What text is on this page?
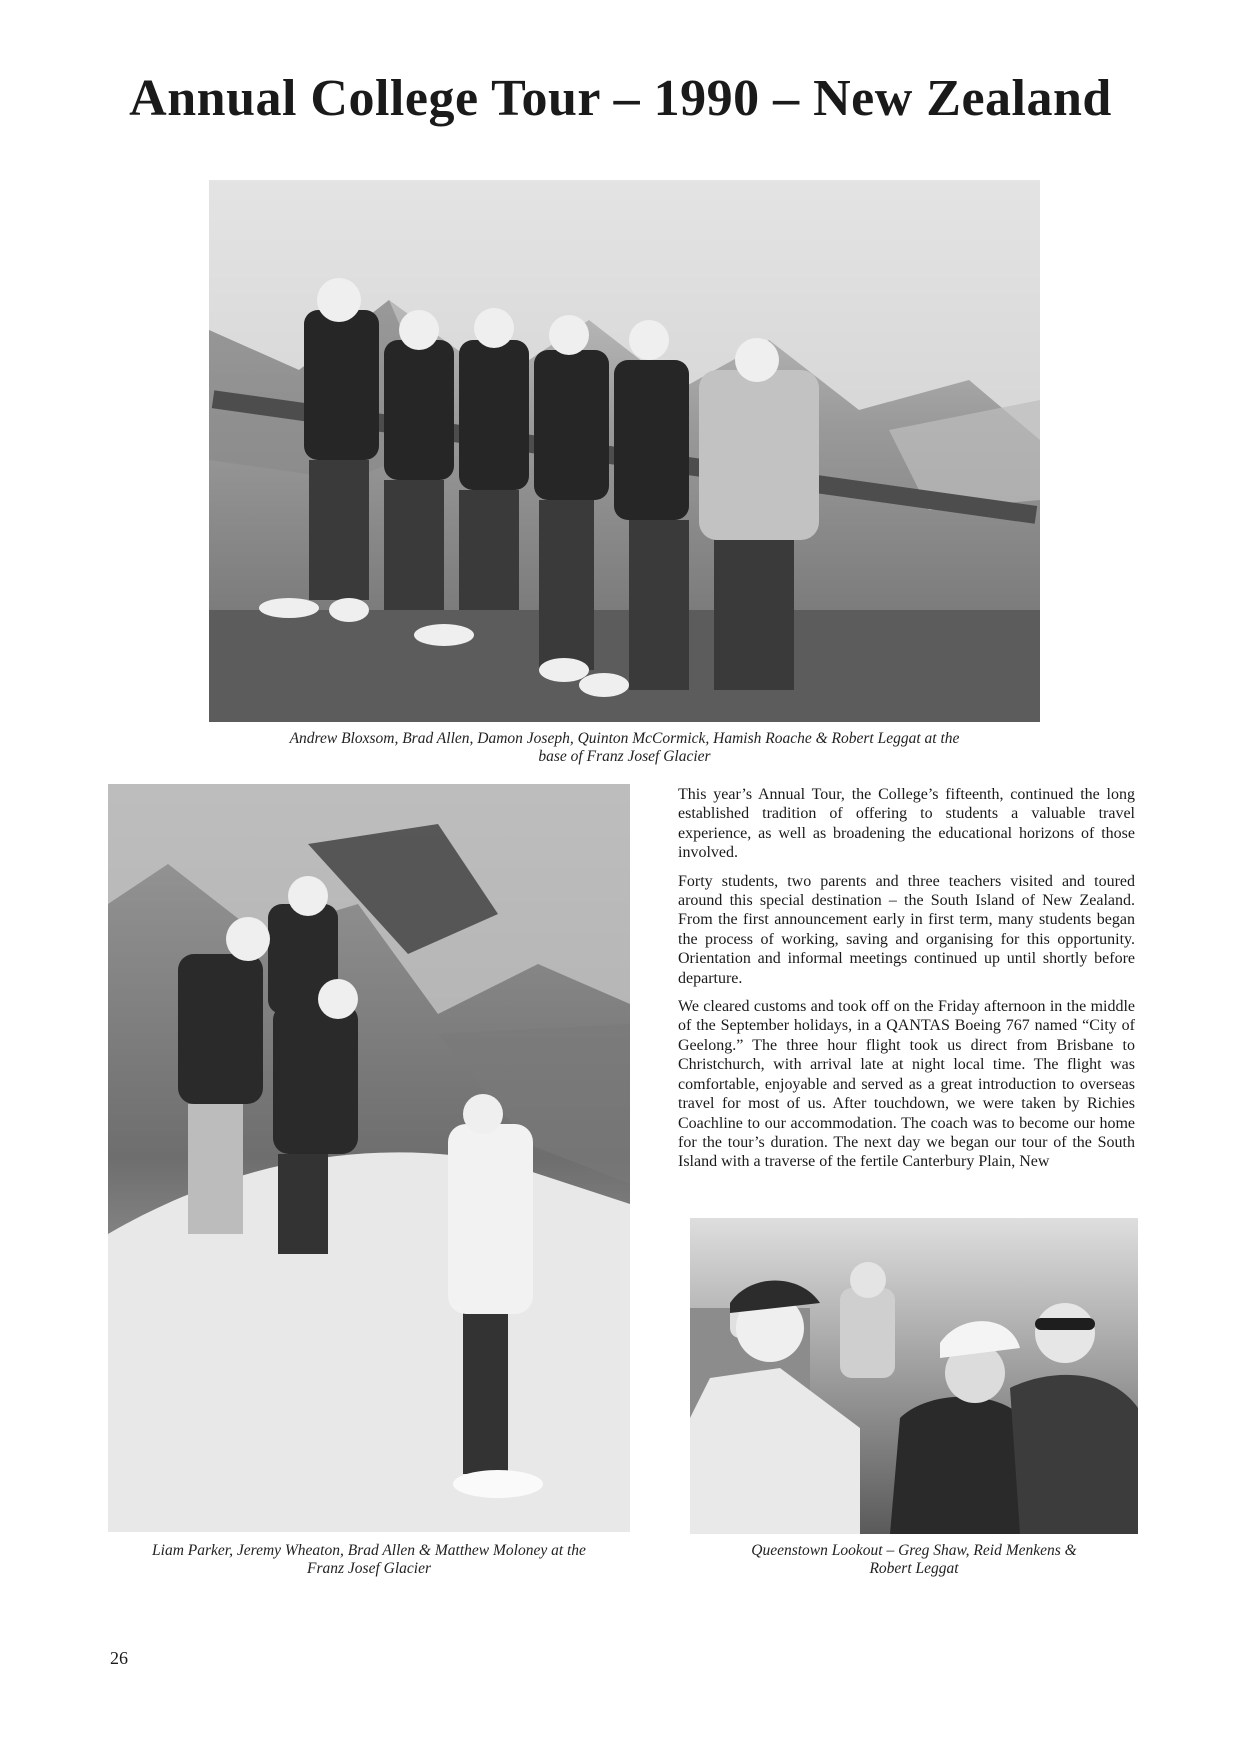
Annual College Tour – 1990 – New Zealand

Andrew Bloxsom, Brad Allen, Damon Joseph, Quinton McCormick, Hamish Roache & Robert Leggat at the
base of Franz Josef Glacier

Liam Parker, Jeremy Wheaton, Brad Allen & Matthew Moloney at the
Franz Josef Glacier

This year’s Annual Tour, the College’s fifteenth, continued the long established tradition of offering to students a valuable travel experience, as well as broadening the educational horizons of those involved.

Forty students, two parents and three teachers visited and toured around this special destination – the South Island of New Zealand. From the first announcement early in first term, many students began the process of working, saving and organising for this opportunity. Orientation and informal meetings continued up until shortly before departure.

We cleared customs and took off on the Friday afternoon in the middle of the September holidays, in a QANTAS Boeing 767 named “City of Geelong.” The three hour flight took us direct from Brisbane to Christchurch, with arrival late at night local time. The flight was comfortable, enjoyable and served as a great introduction to overseas travel for most of us. After touchdown, we were taken by Richies Coachline to our accommodation. The coach was to become our home for the tour’s duration. The next day we began our tour of the South Island with a traverse of the fertile Canterbury Plain, New

Queenstown Lookout – Greg Shaw, Reid Menkens &
Robert Leggat

26
